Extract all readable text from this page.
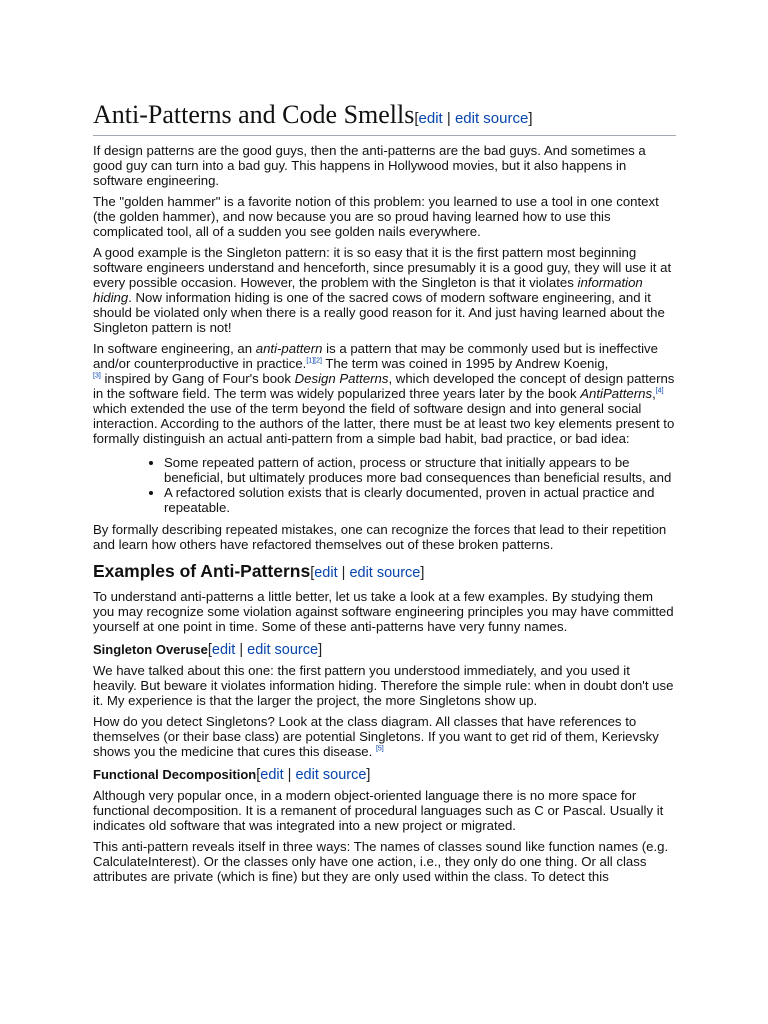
Anti-Patterns and Code Smells[edit | edit source]

If design patterns are the good guys, then the anti-patterns are the bad guys. And sometimes a good guy can turn into a bad guy. This happens in Hollywood movies, but it also happens in software engineering.

The "golden hammer" is a favorite notion of this problem: you learned to use a tool in one context (the golden hammer), and now because you are so proud having learned how to use this complicated tool, all of a sudden you see golden nails everywhere.

A good example is the Singleton pattern: it is so easy that it is the first pattern most beginning software engineers understand and henceforth, since presumably it is a good guy, they will use it at every possible occasion. However, the problem with the Singleton is that it violates information hiding. Now information hiding is one of the sacred cows of modern software engineering, and it should be violated only when there is a really good reason for it. And just having learned about the Singleton pattern is not!

In software engineering, an anti-pattern is a pattern that may be commonly used but is ineffective and/or counterproductive in practice.[1][2] The term was coined in 1995 by Andrew Koenig,
[3] inspired by Gang of Four's book Design Patterns, which developed the concept of design patterns in the software field. The term was widely popularized three years later by the book AntiPatterns,[4] which extended the use of the term beyond the field of software design and into general social interaction. According to the authors of the latter, there must be at least two key elements present to formally distinguish an actual anti-pattern from a simple bad habit, bad practice, or bad idea:

• Some repeated pattern of action, process or structure that initially appears to be beneficial, but ultimately produces more bad consequences than beneficial results, and
• A refactored solution exists that is clearly documented, proven in actual practice and repeatable.

By formally describing repeated mistakes, one can recognize the forces that lead to their repetition and learn how others have refactored themselves out of these broken patterns.

Examples of Anti-Patterns[edit | edit source]

To understand anti-patterns a little better, let us take a look at a few examples. By studying them you may recognize some violation against software engineering principles you may have committed yourself at one point in time. Some of these anti-patterns have very funny names.

Singleton Overuse[edit | edit source]

We have talked about this one: the first pattern you understood immediately, and you used it heavily. But beware it violates information hiding. Therefore the simple rule: when in doubt don't use it. My experience is that the larger the project, the more Singletons show up.

How do you detect Singletons? Look at the class diagram. All classes that have references to themselves (or their base class) are potential Singletons. If you want to get rid of them, Kerievsky shows you the medicine that cures this disease. [5]

Functional Decomposition[edit | edit source]

Although very popular once, in a modern object-oriented language there is no more space for functional decomposition. It is a remanent of procedural languages such as C or Pascal. Usually it indicates old software that was integrated into a new project or migrated.

This anti-pattern reveals itself in three ways: The names of classes sound like function names (e.g. CalculateInterest). Or the classes only have one action, i.e., they only do one thing. Or all class attributes are private (which is fine) but they are only used within the class. To detect this
